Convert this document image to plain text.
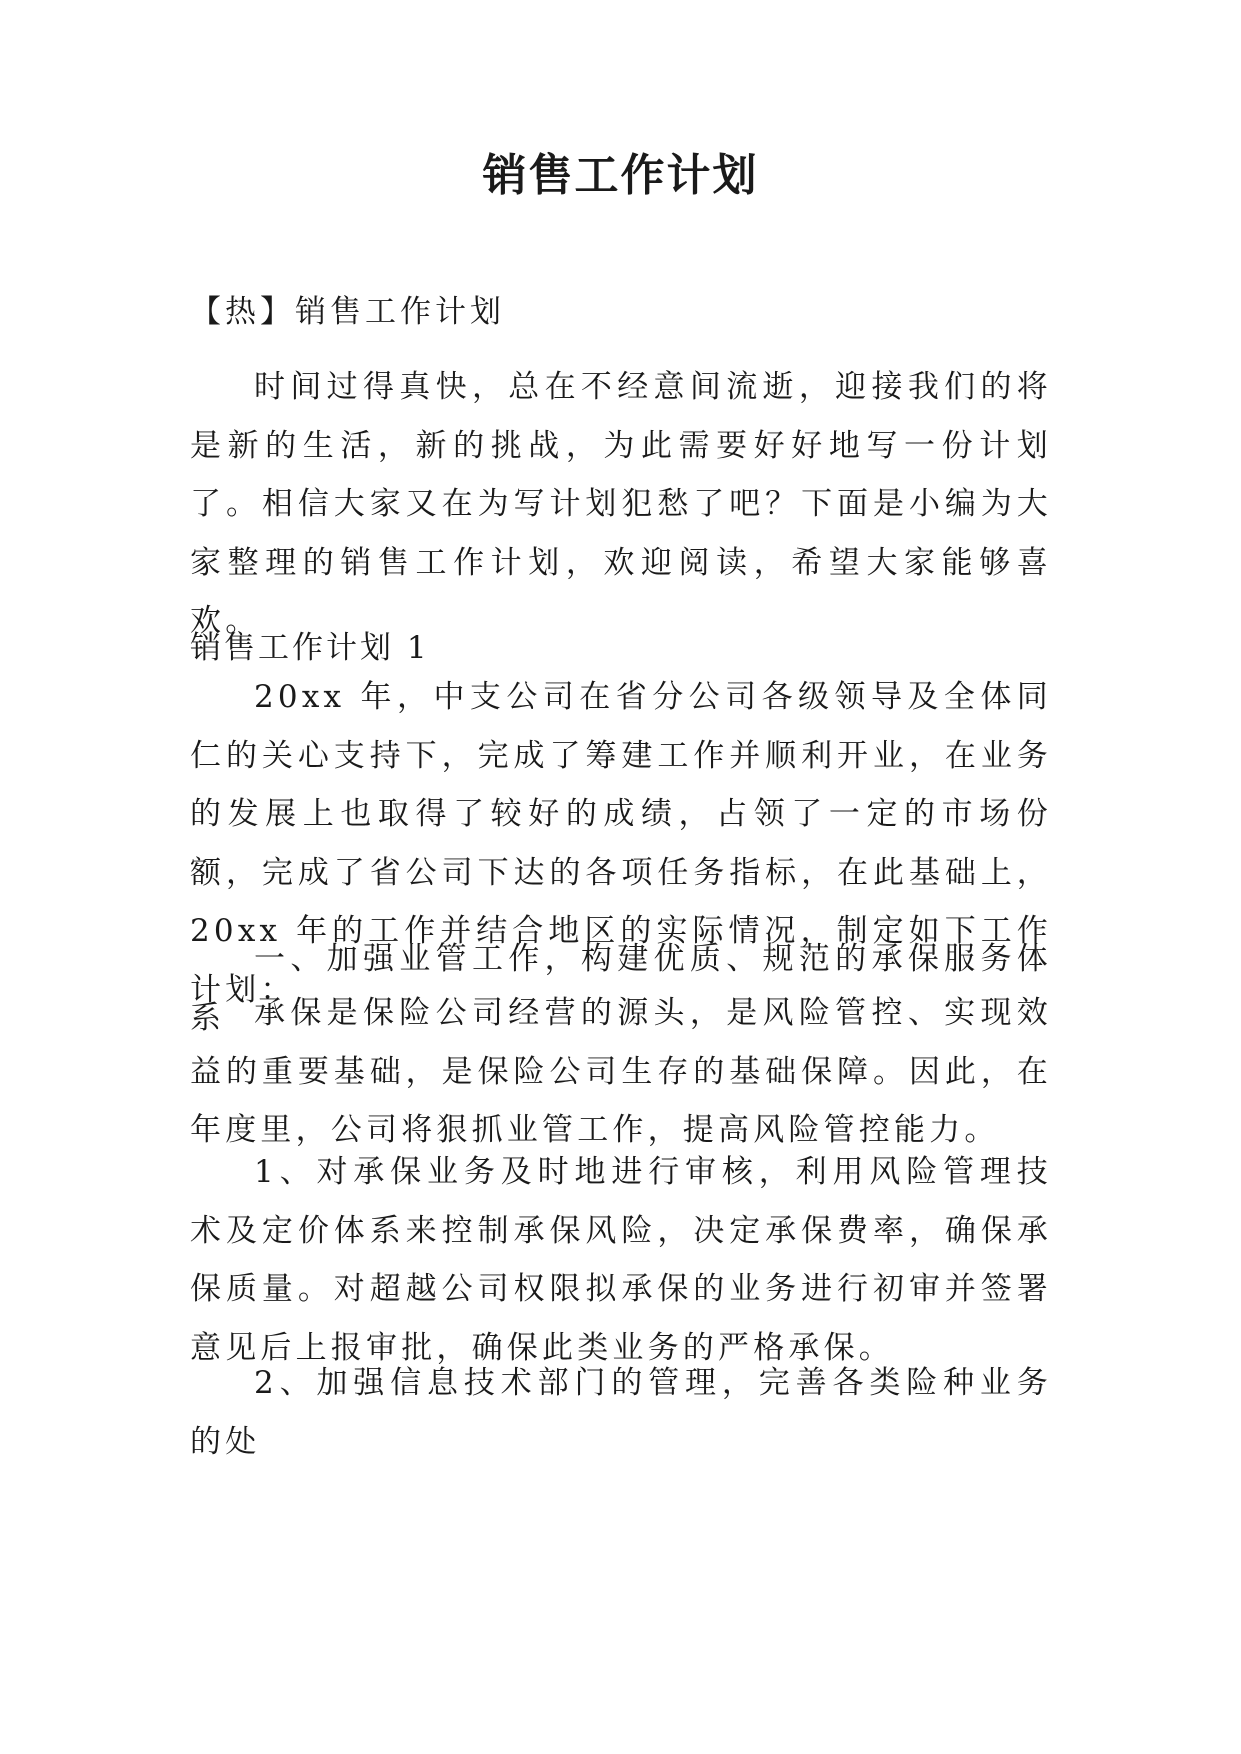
销售工作计划

【热】销售工作计划

时间过得真快，总在不经意间流逝，迎接我们的将是新的生活，新的挑战，为此需要好好地写一份计划了。相信大家又在为写计划犯愁了吧？下面是小编为大家整理的销售工作计划，欢迎阅读，希望大家能够喜欢。

销售工作计划 1

20xx 年，中支公司在省分公司各级领导及全体同仁的关心支持下，完成了筹建工作并顺利开业，在业务的发展上也取得了较好的成绩，占领了一定的市场份额，完成了省公司下达的各项任务指标，在此基础上，20xx 年的工作并结合地区的实际情况，制定如下工作计划：

一、加强业管工作，构建优质、规范的承保服务体系 承保是保险公司经营的源头，是风险管控、实现效益的重要基础，是保险公司生存的基础保障。因此，在年度里，公司将狠抓业管工作，提高风险管控能力。

1、对承保业务及时地进行审核，利用风险管理技术及定价体系来控制承保风险，决定承保费率，确保承保质量。对超越公司权限拟承保的业务进行初审并签署意见后上报审批，确保此类业务的严格承保。

2、加强信息技术部门的管理，完善各类险种业务的处
